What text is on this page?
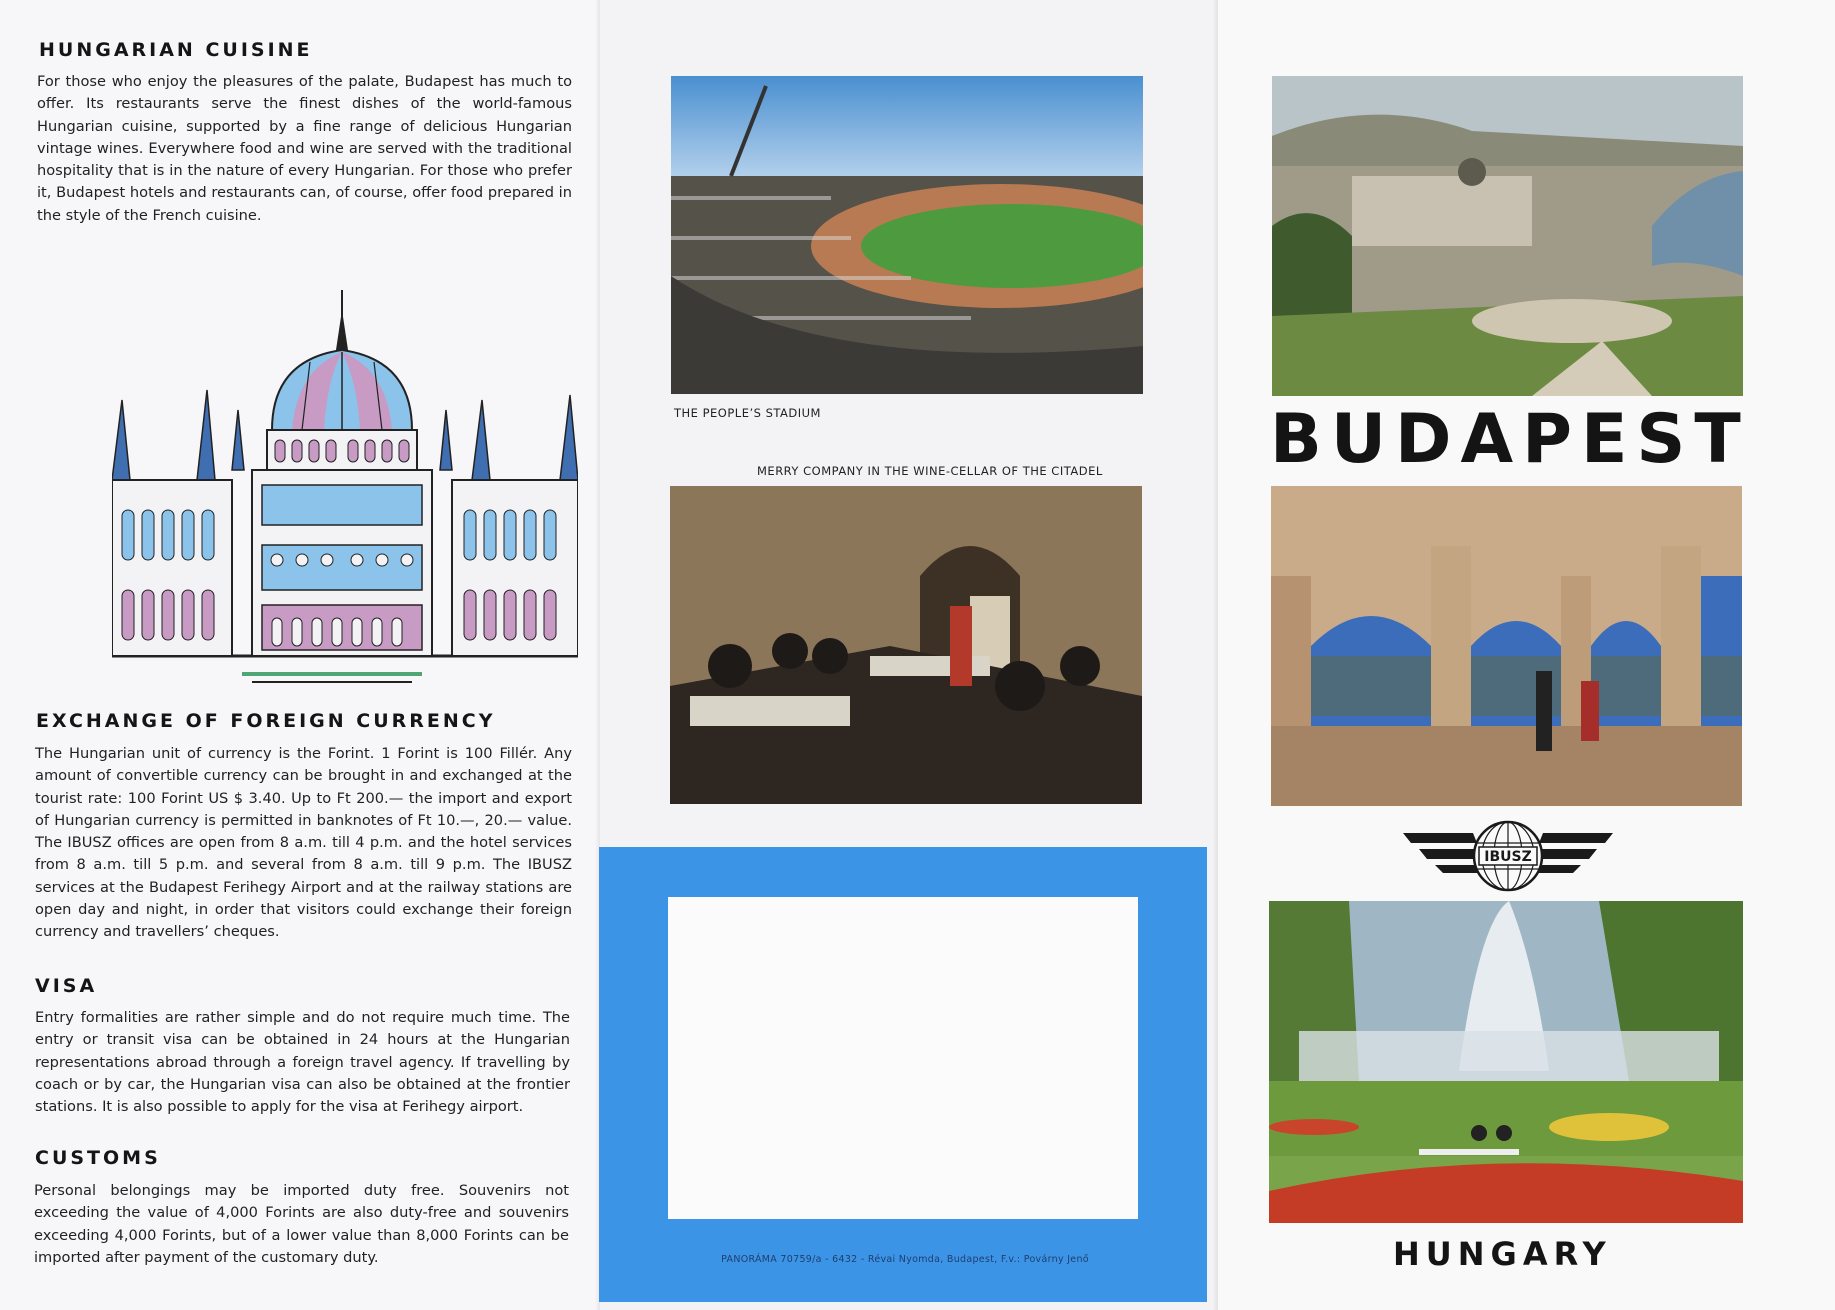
HUNGARIAN CUISINE

For those who enjoy the pleasures of the palate, Budapest has much to offer. Its restaurants serve the finest dishes of the world-famous Hungarian cuisine, supported by a fine range of delicious Hungarian vintage wines. Everywhere food and wine are served with the traditional hospitality that is in the nature of every Hungarian. For those who prefer it, Budapest hotels and restaurants can, of course, offer food prepared in the style of the French cuisine.

EXCHANGE OF FOREIGN CURRENCY

The Hungarian unit of currency is the Forint. 1 Forint is 100 Fillér. Any amount of convertible currency can be brought in and exchanged at the tourist rate: 100 Forint US $ 3.40. Up to Ft 200.— the import and export of Hungarian currency is permitted in banknotes of Ft 10.—, 20.— value. The IBUSZ offices are open from 8 a.m. till 4 p.m. and the hotel services from 8 a.m. till 5 p.m. and several from 8 a.m. till 9 p.m. The IBUSZ services at the Budapest Ferihegy Airport and at the railway stations are open day and night, in order that visitors could exchange their foreign currency and travellers’ cheques.

VISA

Entry formalities are rather simple and do not require much time. The entry or transit visa can be obtained in 24 hours at the Hungarian representations abroad through a foreign travel agency. If travelling by coach or by car, the Hungarian visa can also be obtained at the frontier stations. It is also possible to apply for the visa at Ferihegy airport.

CUSTOMS

Personal belongings may be imported duty free. Souvenirs not exceeding the value of 4,000 Forints are also duty-free and souvenirs exceeding 4,000 Forints, but of a lower value than 8,000 Forints can be imported after payment of the customary duty.

THE PEOPLE’S STADIUM
MERRY COMPANY IN THE WINE-CELLAR OF THE CITADEL
PANORÁMA 70759/a - 6432 - Révai Nyomda, Budapest, F.v.: Povárny Jenő
BUDAPEST
IBUSZ
HUNGARY
